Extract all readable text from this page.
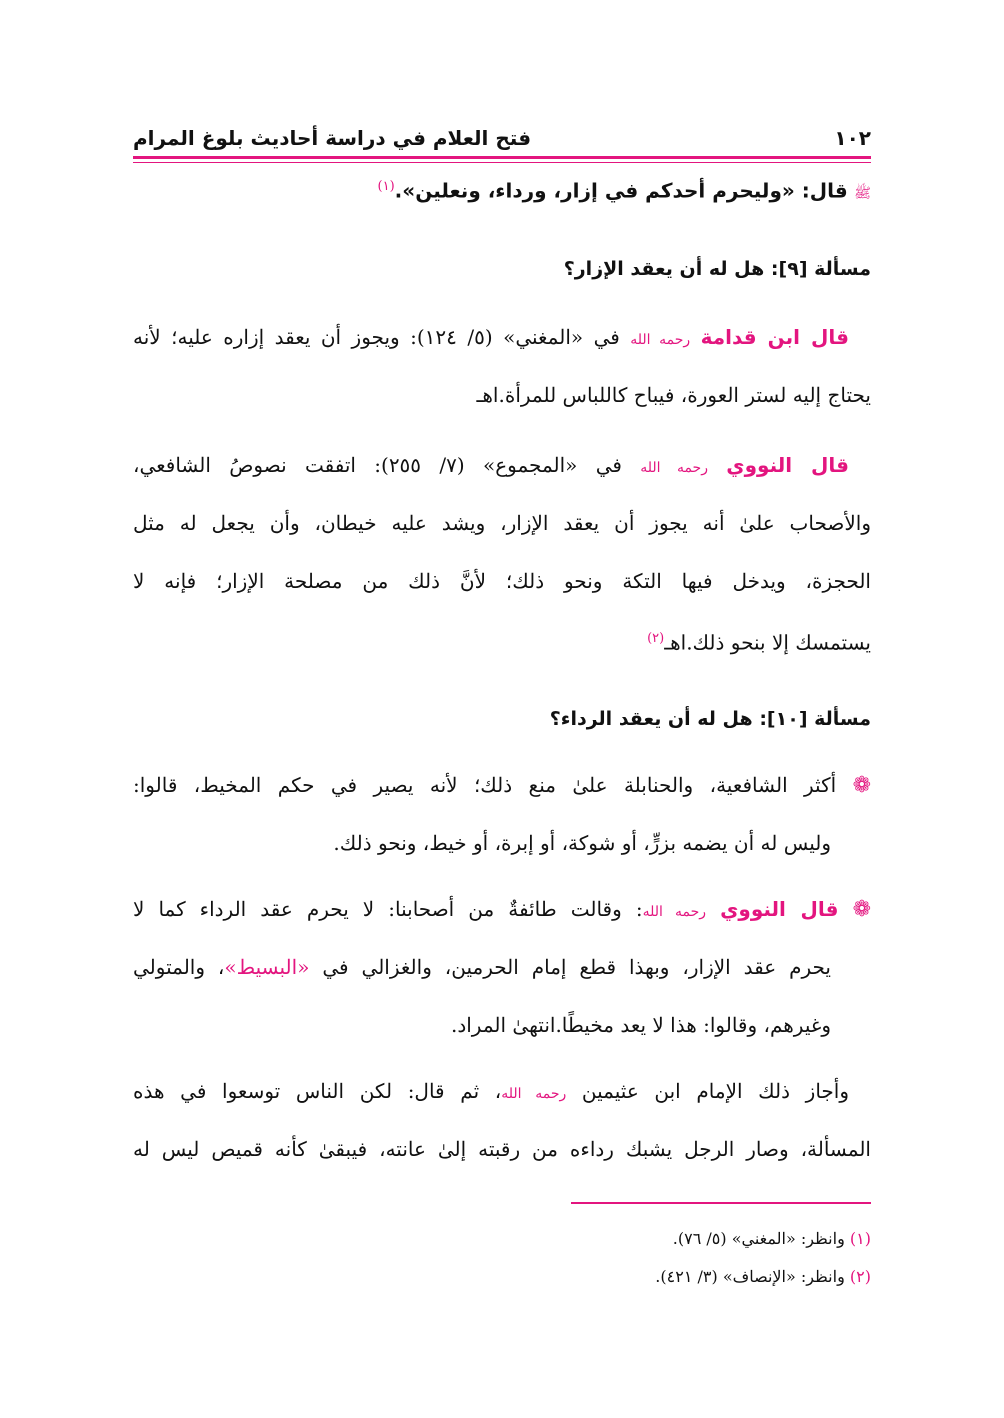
١٠٢
فتح العلام في دراسة أحاديث بلوغ المرام
ﷺ قال: «وليحرم أحدكم في إزار، ورداء، ونعلين».$^{(١)}$
مسألة [٩]: هل له أن يعقد الإزار؟
قال ابن قدامة رحمه الله في «المغني» (٥/ ١٢٤): ويجوز أن يعقد إزاره عليه؛ لأنه
يحتاج إليه لستر العورة، فيباح كاللباس للمرأة.اهـ
قال النووي رحمه الله في «المجموع» (٧/ ٢٥٥): اتفقت نصوصُ الشافعي،
والأصحاب علىٰ أنه يجوز أن يعقد الإزار، ويشد عليه خيطان، وأن يجعل له مثل
الحجزة، ويدخل فيها التكة ونحو ذلك؛ لأنَّ ذلك من مصلحة الإزار؛ فإنه لا
يستمسك إلا بنحو ذلك.اهـ$^{(٢)}$
مسألة [١٠]: هل له أن يعقد الرداء؟
❁ أكثر الشافعية، والحنابلة علىٰ منع ذلك؛ لأنه يصير في حكم المخيط، قالوا:
وليس له أن يضمه بزرٍّ، أو شوكة، أو إبرة، أو خيط، ونحو ذلك.
❁ قال النووي رحمه الله: وقالت طائفةٌ من أصحابنا: لا يحرم عقد الرداء كما لا
يحرم عقد الإزار، وبهذا قطع إمام الحرمين، والغزالي في «البسيط»، والمتولي
وغيرهم، وقالوا: هذا لا يعد مخيطًا.انتهىٰ المراد.
وأجاز ذلك الإمام ابن عثيمين رحمه الله، ثم قال: لكن الناس توسعوا في هذه
المسألة، وصار الرجل يشبك رداءه من رقبته إلىٰ عانته، فيبقىٰ كأنه قميص ليس له
(١) وانظر: «المغني» (٥/ ٧٦).
(٢) وانظر: «الإنصاف» (٣/ ٤٢١).
